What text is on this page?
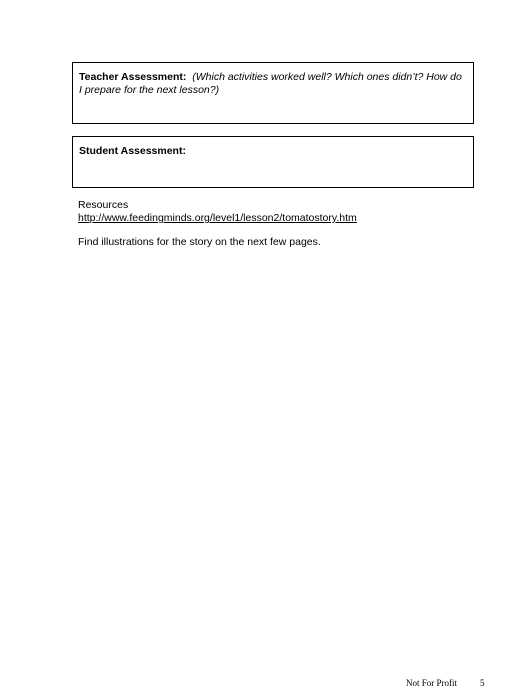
Teacher Assessment: (Which activities worked well? Which ones didn’t? How do I prepare for the next lesson?)
Student Assessment:
Resources
http://www.feedingminds.org/level1/lesson2/tomatostory.htm
Find illustrations for the story on the next few pages.
Not For Profit	5
